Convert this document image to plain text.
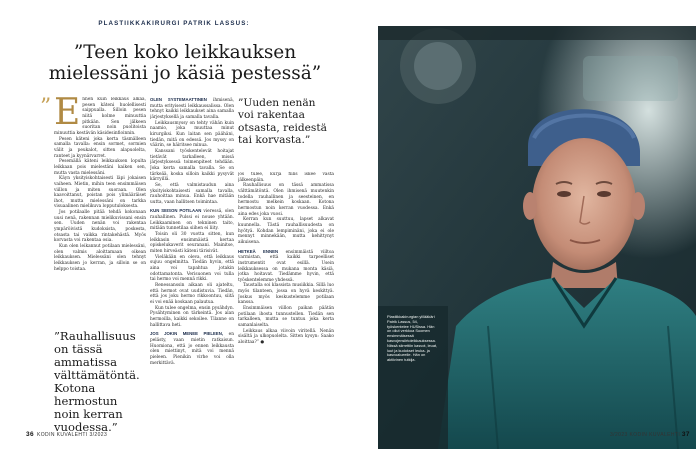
PLASTIIKKAKIRURGI PATRIK LASSUS:
”Teen koko leikkauksen mielessäni jo käsiä pestessä”
” Ennen kuin leikkaus alkaa, pesen käteni huolellisesti saippualla. Silloin pesen niitä kolme minuuttia pitkään. Sen jälkeen suoritan noin puolitoista minuuttia kestävän käsidesinfioinnin.

Pesen käteni joka kerta täsmälleen samalla tavalla: ensin sormet, sormien välit ja peukalot, sitten alapuolelta, ranteet ja kyynärvarret.

Pesemällä käteni leikkauksen lopulta leikkaan pois mielestäni kaiken sen, mutta vasta mielessäni.

Käyn yksityiskohtaisesti läpi jokaisen vaiheen. Mietin, mihin teen ensimmäisen viillon ja miten suoraan. Olen kaavoittanut, poistan pois ylimääräiset ihot, mutta mielessäni on tarkka visuaalinen mielikuva lopputuloksesta.

Jos potilaalle pitää tehdä kokonaan uusi nenä, rakennan mielikuvissani ensin sen. Uuden nenän voi rakentaa ympäröivistä kudoksista, poskesta, otsasta tai vaikka rintakehästä. Myös korvasta voi rakentaa osia.

Kun olen leikannut potilaan mielessäni, olen valmis aloittamaan oikean leikkauksen. Mielessäni olen tehnyt leikkauksen jo kerran, ja silloin se on helppo toistaa.

”Rauhallisuus on tässä ammatissa välttämätöntä. Kotona hermostun noin kerran vuodessa.”

OLEN SYSTEMAATTINEN ihmisenä, mutta erityisesti leikkaussalissa. Olen tehnyt kaikki leikkaukset aina samalla järjestyksellä ja samalla tavalla.

Leikkausmyssy on tehty vähän kuin naamio, joka muuttaa minut kirurgiksi. Kun laitan sen päähäni, tiedän, mitä on edessä. Jos myssy on väärin, se häiritsee minua.

Kanssani työskentelevät hoitajat tietävät tarkalleen, missä järjestyksessä toimenpiteet tehdään. Joka kerta samalla tavalla. Se on tärkeää, koska silloin kaikki pysyvät kärryillä.

Se, että valmistaudun aina yksityiskohtaisesti samalla tavalla, rauhoittaa minua. Enkä hae mitään uutta, vaan hallitsen toimintaa.

KUN SEISON POTILAAN vieressä, olen rauhallinen. Pulssi ei nouse yhtään. Leikkaaminen on tekninen taito, mitään tunnetilaa siihen ei liity.

Toisin oli 30 vuotta sitten, kun leikkasin ensimmäistä kertaa opiskelukaverit seuranani. Mainitse, miten hirveästi käteni tärisivät.

Vieläkään en oleva, että leikkaus sujuu ongelmitta. Tiedän hyvin, että aina voi tapahtua jotakin odottamatonta. Verisuonen voi tulla tai hermo voi mennä rikki.

Renessanssin aikaan oli ajateltu, että hermot ovat uudistuvia. Tiedän, että jos joku hermo rikkoontuu, siitä ei voi enää koskaan palautua.

Kun tulee ongelma, ensin pysähdyn. Pysähtyminen on tärkeintä. Jos alan hermoilla, kaikki sekoilee. Tilanne on hallittava heti.

JOS JOKIN MENEE PIELEEN, en pelästy, vaan mietin ratkaisun. Huomiona, että jo ennen leikkausta olen miettinyt, mitä voi mennä pieleen. Pienikin virhe voi olla merkittävä.

”Uuden nenän voi rakentaa otsasta, reidestä tai korvasta.”

jos tulee, kurja fiilis iskee vasta jälkeenpäin.

Rauhallisuus on tässä ammatissa välttämätöntä. Olen ihmisenä muutenkin todella rauhallinen ja seesteinen, en hermostu melkein koskaan. Kotona hermostun noin kerran vuodessa. Enkä aina edes joka vuosi.

Kerran kun suuttuu, lapset alkavat kuunnella. Tästä rauhallisuudesta on hyötyä. Kohdan lempiminäni, joka ei ole mennyt minnekään, mutta kehittynyt aikuisena.

HETKEÄ ENNEN ensimmäistä viiltoa varmistan, että kaikki tarpeelliset instrumentit ovat esillä. Usein leikkauksessa on mukana monta käsiä, jotka hoitavat. Tiedämme hyvin, että työskentelemme yhdessä.

Taustalla soi klassista musiikkia. Sillä luo myös tilanteen, jossa on hyvä keskittyä. Joskus myös keskustelemme potilaan kanssa.

Ensimmäisen viillon paikan päätän potilaan ihosta tunnustellen. Tiedän sen tarkalleen, mutta se tuntuu joka kerta samanlaiselta.

Leikkaus alkaa viivoin viritellä. Nenän sisältä ja ulkopuolelta. Sitten kysyn: Saako aloittaa?” ●

36 KODIN KUVALEHTI 3/2023
Plastiikkakirurgian ylilääkäri Patrik Lassus, 54, työskentelee HUSissa. Hän on ollut verkkoa Suomen ensimmäisessä kasvojensiirtoleikkauksessa. Niissä siirrettiin kasvot, leuat, luut ja kudokset leuka- ja kasvoalueelle. Hän on aktiivinen tutkija.
3/2023 KODIN KUVALEHTI 37
